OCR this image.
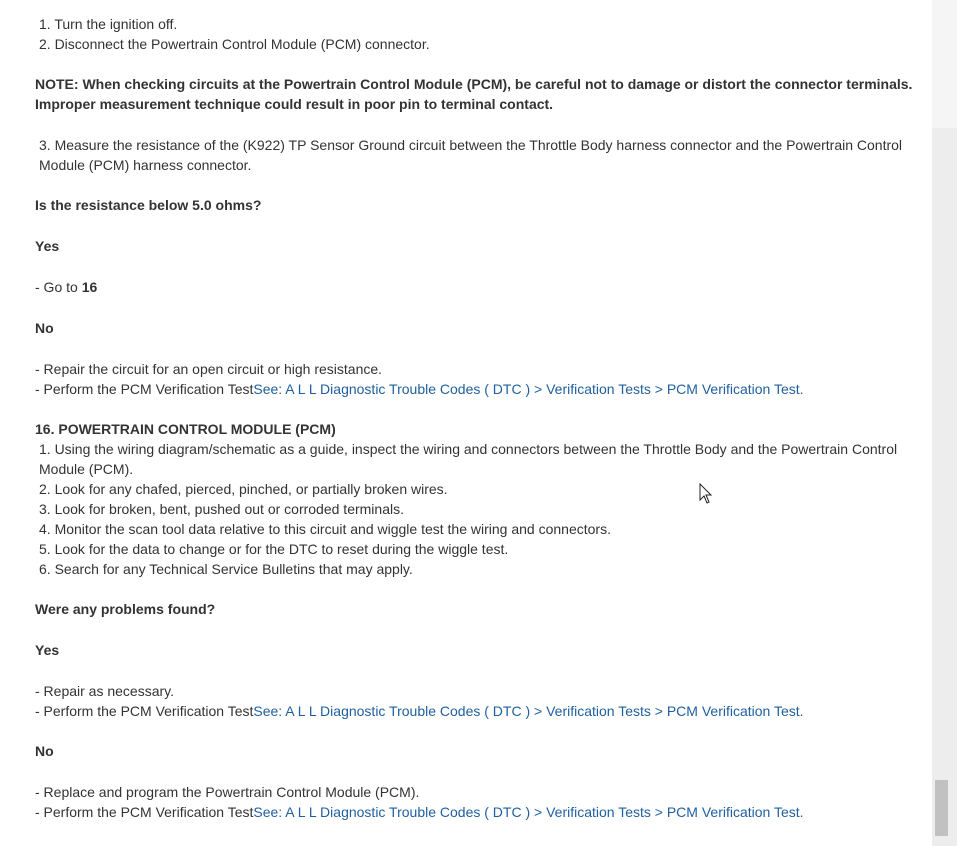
1. Turn the ignition off.
2. Disconnect the Powertrain Control Module (PCM) connector.
NOTE: When checking circuits at the Powertrain Control Module (PCM), be careful not to damage or distort the connector terminals.
Improper measurement technique could result in poor pin to terminal contact.
3. Measure the resistance of the (K922) TP Sensor Ground circuit between the Throttle Body harness connector and the Powertrain Control Module (PCM) harness connector.
Is the resistance below 5.0 ohms?
Yes
- Go to 16
No
- Repair the circuit for an open circuit or high resistance.
- Perform the PCM Verification TestSee: A L L Diagnostic Trouble Codes ( DTC ) > Verification Tests > PCM Verification Test.
16. POWERTRAIN CONTROL MODULE (PCM)
1. Using the wiring diagram/schematic as a guide, inspect the wiring and connectors between the Throttle Body and the Powertrain Control Module (PCM).
2. Look for any chafed, pierced, pinched, or partially broken wires.
3. Look for broken, bent, pushed out or corroded terminals.
4. Monitor the scan tool data relative to this circuit and wiggle test the wiring and connectors.
5. Look for the data to change or for the DTC to reset during the wiggle test.
6. Search for any Technical Service Bulletins that may apply.
Were any problems found?
Yes
- Repair as necessary.
- Perform the PCM Verification TestSee: A L L Diagnostic Trouble Codes ( DTC ) > Verification Tests > PCM Verification Test.
No
- Replace and program the Powertrain Control Module (PCM).
- Perform the PCM Verification TestSee: A L L Diagnostic Trouble Codes ( DTC ) > Verification Tests > PCM Verification Test.
